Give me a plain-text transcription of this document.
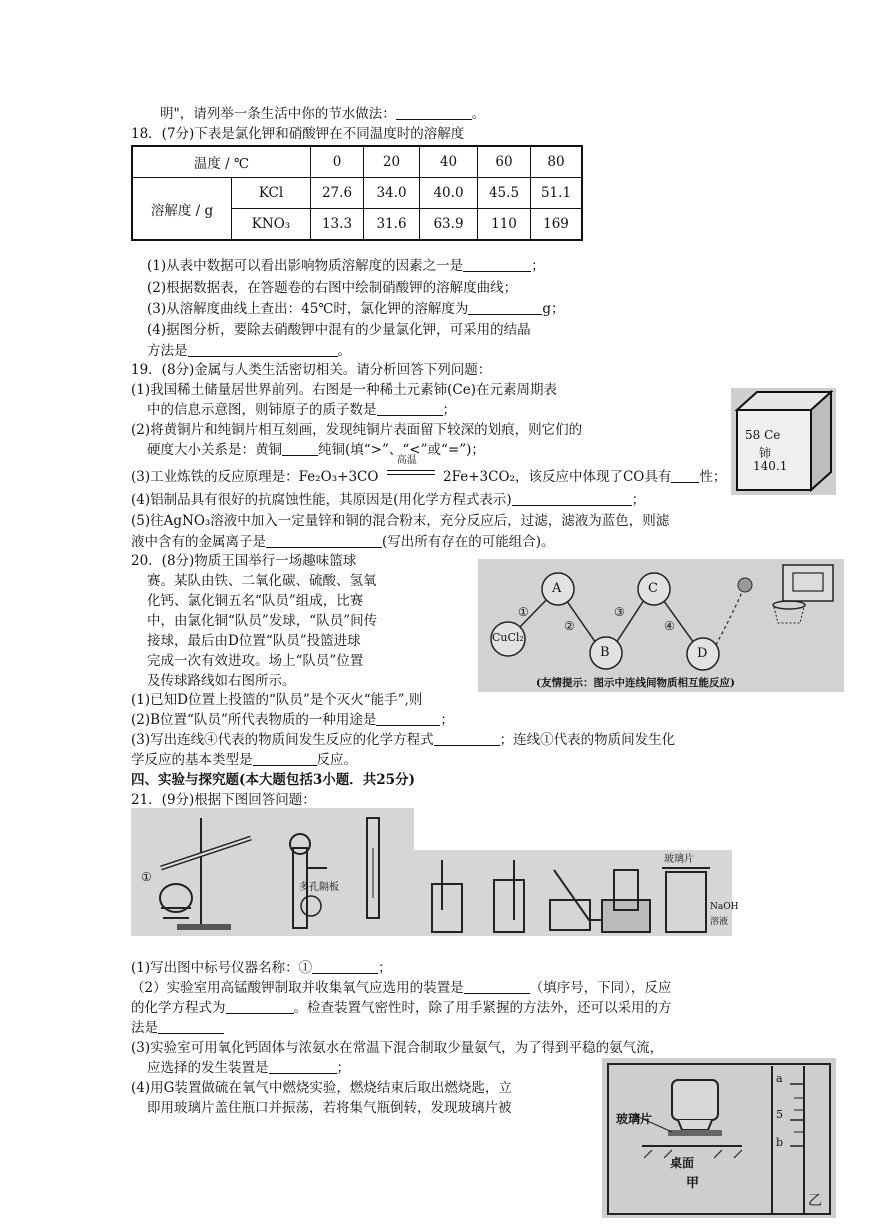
明"，请列举一条生活中你的节水做法：	。
18．(7分)下表是氯化钾和硝酸钾在不同温度时的溶解度
温度 / ℃		0	20	40	60	80
溶解度 / g	KCl	27.6	34.0	40.0	45.5	51.1
	KNO₃	13.3	31.6	63.9	110	169
(1)从表中数据可以看出影响物质溶解度的因素之一是	；
(2)根据数据表，在答题卷的右图中绘制硝酸钾的溶解度曲线；
(3)从溶解度曲线上查出：45℃时，氯化钾的溶解度为	g；
(4)据图分析，要除去硝酸钾中混有的少量氯化钾，可采用的结晶
方法是	。
19．(8分)金属与人类生活密切相关。请分析回答下列问题：
(1)我国稀土储量居世界前列。右图是一种稀土元素铈(Ce)在元素周期表
中的信息示意图，则铈原子的质子数是	；
(2)将黄铜片和纯铜片相互刻画，发现纯铜片表面留下较深的划痕，则它们的
硬度大小关系是：黄铜	纯铜(填“>”、“<”或“=”)；
(3)工业炼铁的反应原理是：Fe₂O₃+3CO
高温
2Fe+3CO₂，该反应中体现了CO具有 性；
(4)铝制品具有很好的抗腐蚀性能，其原因是(用化学方程式表示)	；
(5)往AgNO₃溶液中加入一定量锌和铜的混合粉末，充分反应后，过滤，滤液为蓝色，则滤
液中含有的金属离子是	(写出所有存在的可能组合)。
58 Ce
铈
140.1
20．(8分)物质王国举行一场趣味篮球
赛。某队由铁、二氧化碳、硫酸、氢氧
化钙、氯化铜五名“队员”组成，比赛
中，由氯化铜“队员”发球，“队员”间传
接球，最后由D位置“队员”投篮进球
完成一次有效进攻。场上“队员”位置
及传球路线如右图所示。
(1)已知D位置上投篮的“队员”是个灭火“能手”,则
A
CuCl₂
B
C
D
①
②
③
④
(友情提示：图示中连线间物质相互能反应)
(2)B位置“队员”所代表物质的一种用途是	；
(3)写出连线④代表的物质间发生反应的化学方程式	；连线①代表的物质间发生化
学反应的基本类型是	反应。
四、实验与探究题(本大题包括3小题．共25分)
21．(9分)根据下图回答问题：
①
多孔隔板
玻璃片
NaOH
溶液
(1)写出图中标号仪器名称：①	；
（2）实验室用高锰酸钾制取并收集氧气应选用的装置是	（填序号，下同），反应
的化学方程式为	。检查装置气密性时，除了用手紧握的方法外，还可以采用的方
法是
(3)实验室可用氧化钙固体与浓氨水在常温下混合制取少量氨气，为了得到平稳的氨气流，
应选择的发生装置是	；
(4)用G装置做硫在氧气中燃烧实验，燃烧结束后取出燃烧匙，立
即用玻璃片盖住瓶口并振荡，若将集气瓶倒转，发现玻璃片被
玻璃片
桌面
甲
乙
a
5
b
